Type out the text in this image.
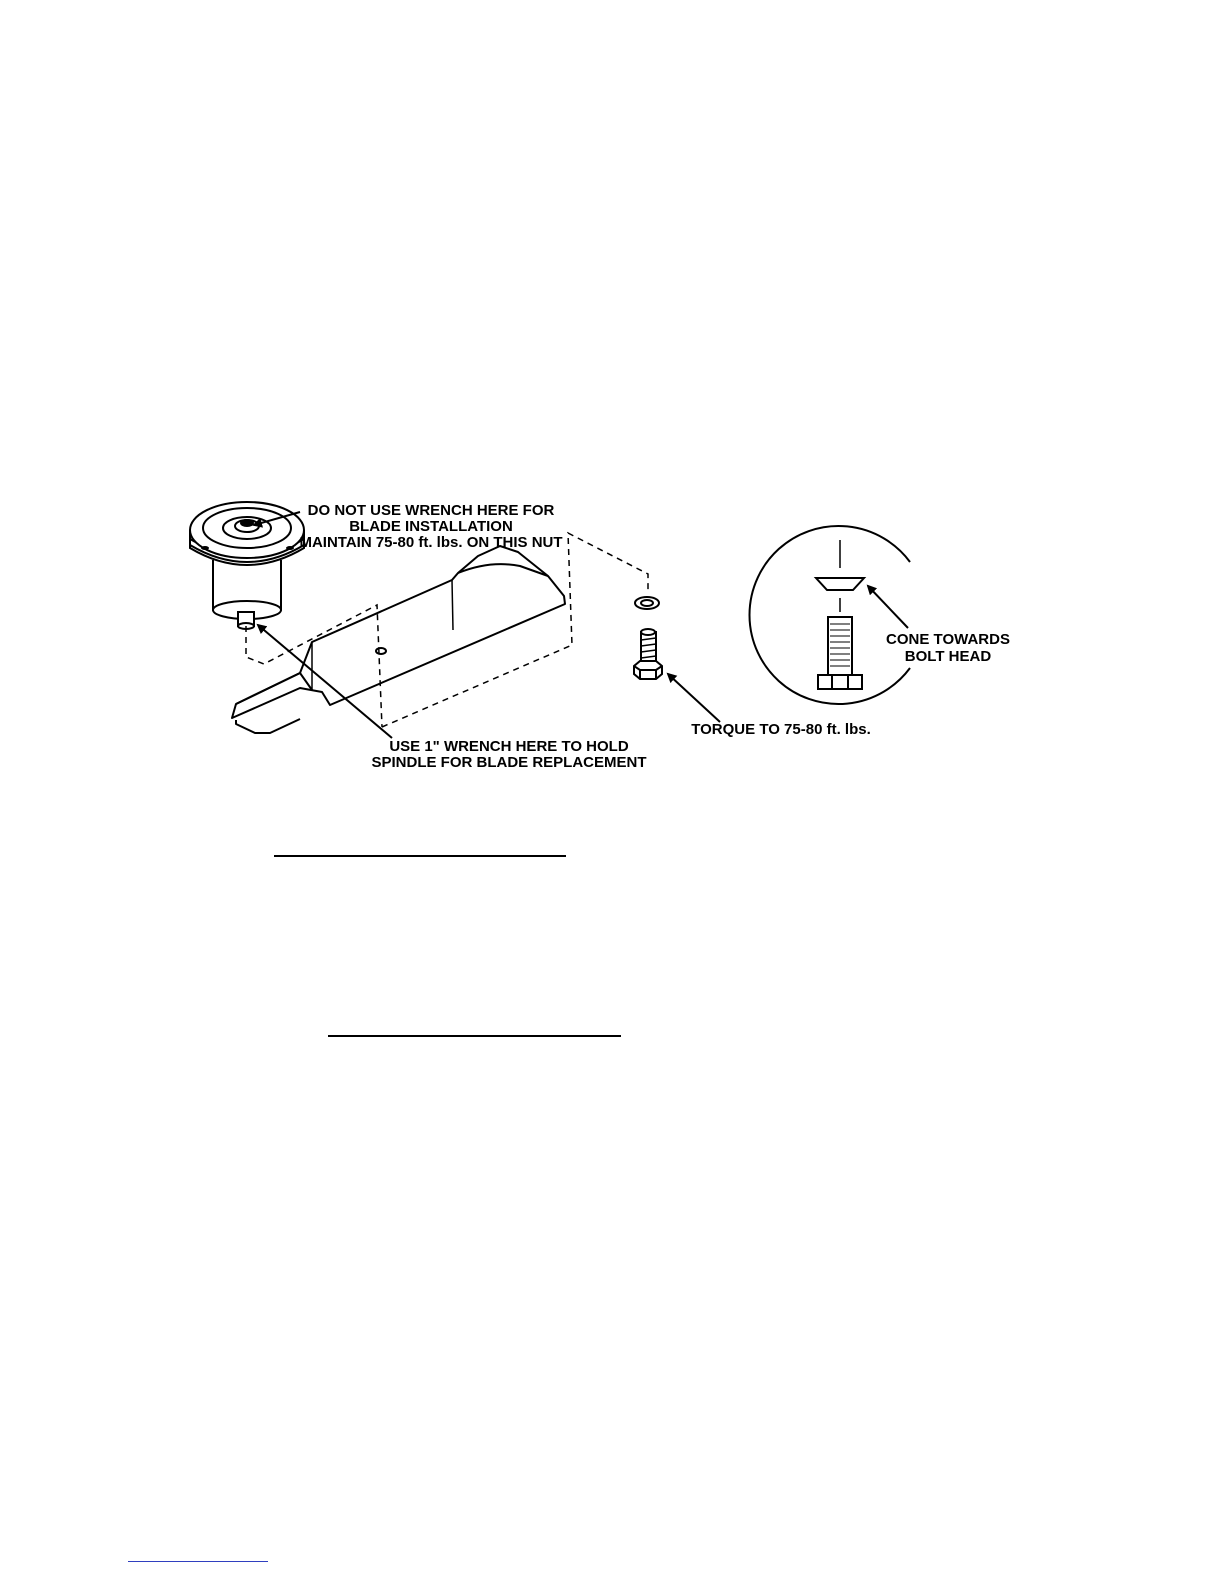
DO NOT USE WRENCH HERE FOR
BLADE INSTALLATION
MAINTAIN 75-80 ft. lbs. ON THIS NUT
USE 1" WRENCH HERE TO HOLD
SPINDLE FOR BLADE REPLACEMENT
TORQUE TO 75-80 ft. lbs.
CONE TOWARDS
BOLT HEAD
